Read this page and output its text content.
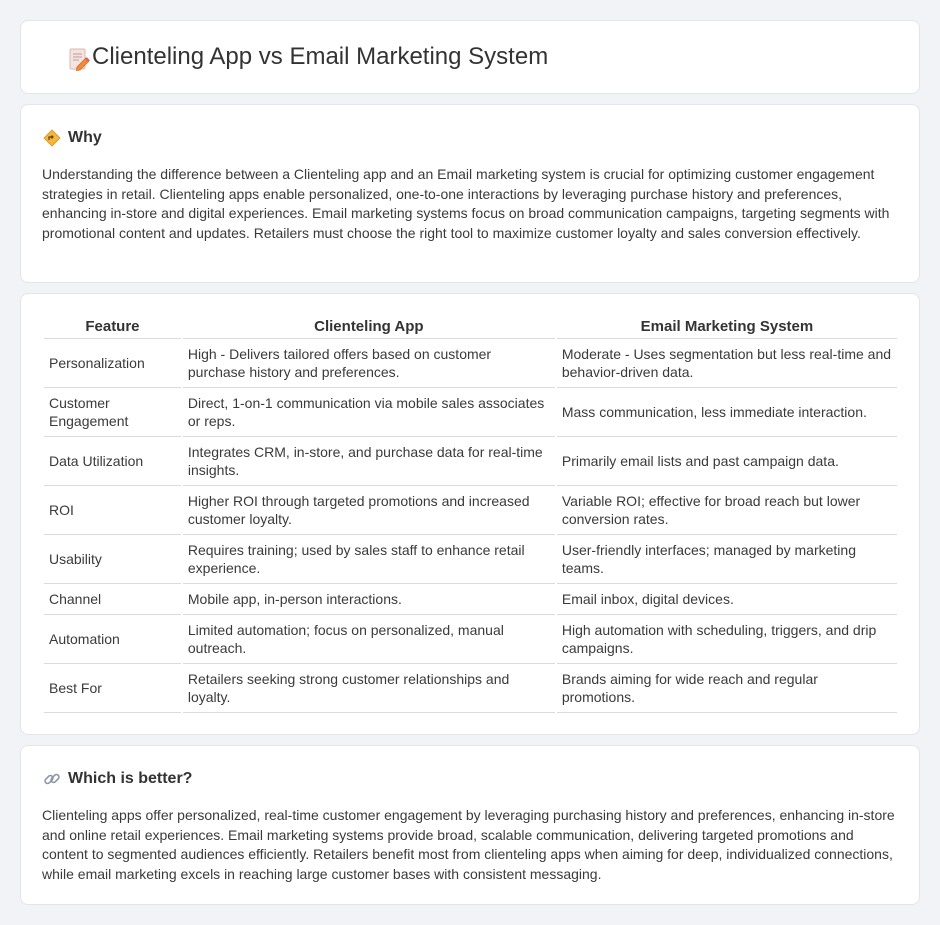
Clienteling App vs Email Marketing System
Why

Understanding the difference between a Clienteling app and an Email marketing system is crucial for optimizing customer engagement strategies in retail. Clienteling apps enable personalized, one-to-one interactions by leveraging purchase history and preferences, enhancing in-store and digital experiences. Email marketing systems focus on broad communication campaigns, targeting segments with promotional content and updates. Retailers must choose the right tool to maximize customer loyalty and sales conversion effectively.

Feature	Clienteling App	Email Marketing System
Personalization	High - Delivers tailored offers based on customer purchase history and preferences.	Moderate - Uses segmentation but less real-time and behavior-driven data.
Customer Engagement	Direct, 1-on-1 communication via mobile sales associates or reps.	Mass communication, less immediate interaction.
Data Utilization	Integrates CRM, in-store, and purchase data for real-time insights.	Primarily email lists and past campaign data.
ROI	Higher ROI through targeted promotions and increased customer loyalty.	Variable ROI; effective for broad reach but lower conversion rates.
Usability	Requires training; used by sales staff to enhance retail experience.	User-friendly interfaces; managed by marketing teams.
Channel	Mobile app, in-person interactions.	Email inbox, digital devices.
Automation	Limited automation; focus on personalized, manual outreach.	High automation with scheduling, triggers, and drip campaigns.
Best For	Retailers seeking strong customer relationships and loyalty.	Brands aiming for wide reach and regular promotions.
Which is better?

Clienteling apps offer personalized, real-time customer engagement by leveraging purchasing history and preferences, enhancing in-store and online retail experiences. Email marketing systems provide broad, scalable communication, delivering targeted promotions and content to segmented audiences efficiently. Retailers benefit most from clienteling apps when aiming for deep, individualized connections, while email marketing excels in reaching large customer bases with consistent messaging.
